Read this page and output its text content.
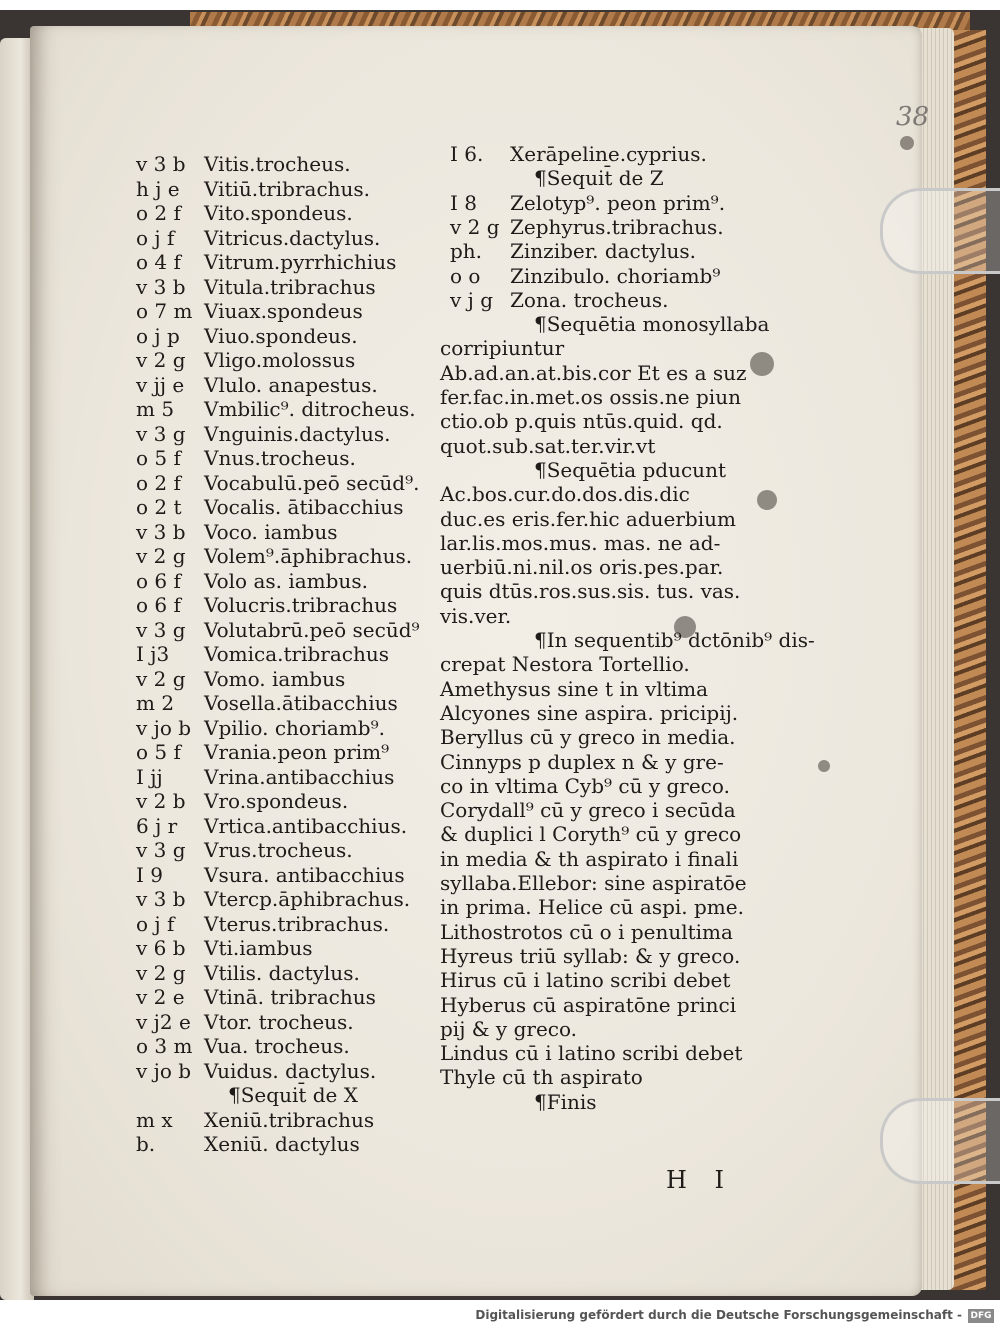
38
v 3 b Vitis.trocheus.
h j e Vitiū.tribrachus.
o 2 f Vito.spondeus.
o j f Vitricus.dactylus.
o 4 f Vitrum.pyrrhichius
v 3 b Vitula.tribrachus
o 7 m Viuax.spondeus
o j p Viuo.spondeus.
v 2 g Vligo.molossus
v jj e Vlulo. anapestus.
m 5 Vmbilic⁹. ditrocheus.
v 3 g Vnguinis.dactylus.
o 5 f Vnus.trocheus.
o 2 f Vocabulū.peō secūd⁹.
o 2 t Vocalis. ātibacchius
v 3 b Voco. iambus
v 2 g Volem⁹.āphibrachus.
o 6 f Volo as. iambus.
o 6 f Volucris.tribrachus
v 3 g Volutabrū.peō secūd⁹
I j3 Vomica.tribrachus
v 2 g Vomo. iambus
m 2 Vosella.ātibacchius
v jo b Vpilio. choriamb⁹.
o 5 f Vrania.peon prim⁹
I jj Vrina.antibacchius
v 2 b Vro.spondeus.
6 j r Vrtica.antibacchius.
v 3 g Vrus.trocheus.
I 9 Vsura. antibacchius
v 3 b Vtercp.āphibrachus.
o j f Vterus.tribrachus.
v 6 b Vti.iambus
v 2 g Vtilis. dactylus.
v 2 e Vtinā. tribrachus
v j2 e Vtor. trocheus.
o 3 m Vua. trocheus.
v jo b Vuidus. dactylus.
¶Sequit̄ de X
m x Xeniū.tribrachus
b. Xeniū. dactylus
I 6. Xerāpeline.cyprius.
¶Sequit̄ de Z
I 8 Zelotyp⁹. peon prim⁹.
v 2 g Zephyrus.tribrachus.
ph. Zinziber. dactylus.
o o Zinzibulo. choriamb⁹
v j g Zona. trocheus.
¶Sequētia monosyllaba
corripiuntur
Ab.ad.an.at.bis.cor Et es a suz
fer.fac.in.met.os ossis.ne piun
ctio.ob p.quis ntūs.quid. qd.
quot.sub.sat.ter.vir.vt
¶Sequētia pducunt
Ac.bos.cur.do.dos.dis.dic
duc.es eris.fer.hic aduerbium
lar.lis.mos.mus. mas. ne ad-
uerbiū.ni.nil.os oris.pes.par.
quis dtūs.ros.sus.sis. tus. vas.
vis.ver.
¶In sequentib⁹ dctōnib⁹ dis-
crepat Nestora Tortellio.
Amethysus sine t in vltima
Alcyones sine aspira. pricipij.
Beryllus cū y greco in media.
Cinnyps p duplex n & y gre-
co in vltima Cyb⁹ cū y greco.
Corydall⁹ cū y greco i secūda
& duplici l Coryth⁹ cū y greco
in media & th aspirato i finali
syllaba.Ellebor: sine aspiratōe
in prima. Helice cū aspi. pme.
Lithostrotos cū o i penultima
Hyreus triū syllab: & y greco.
Hirus cū i latino scribi debet
Hyberus cū aspiratōne princi
pij & y greco.
Lindus cū i latino scribi debet
Thyle cū th aspirato
¶Finis
H I
Digitalisierung gefördert durch die Deutsche Forschungsgemeinschaft - DFG
